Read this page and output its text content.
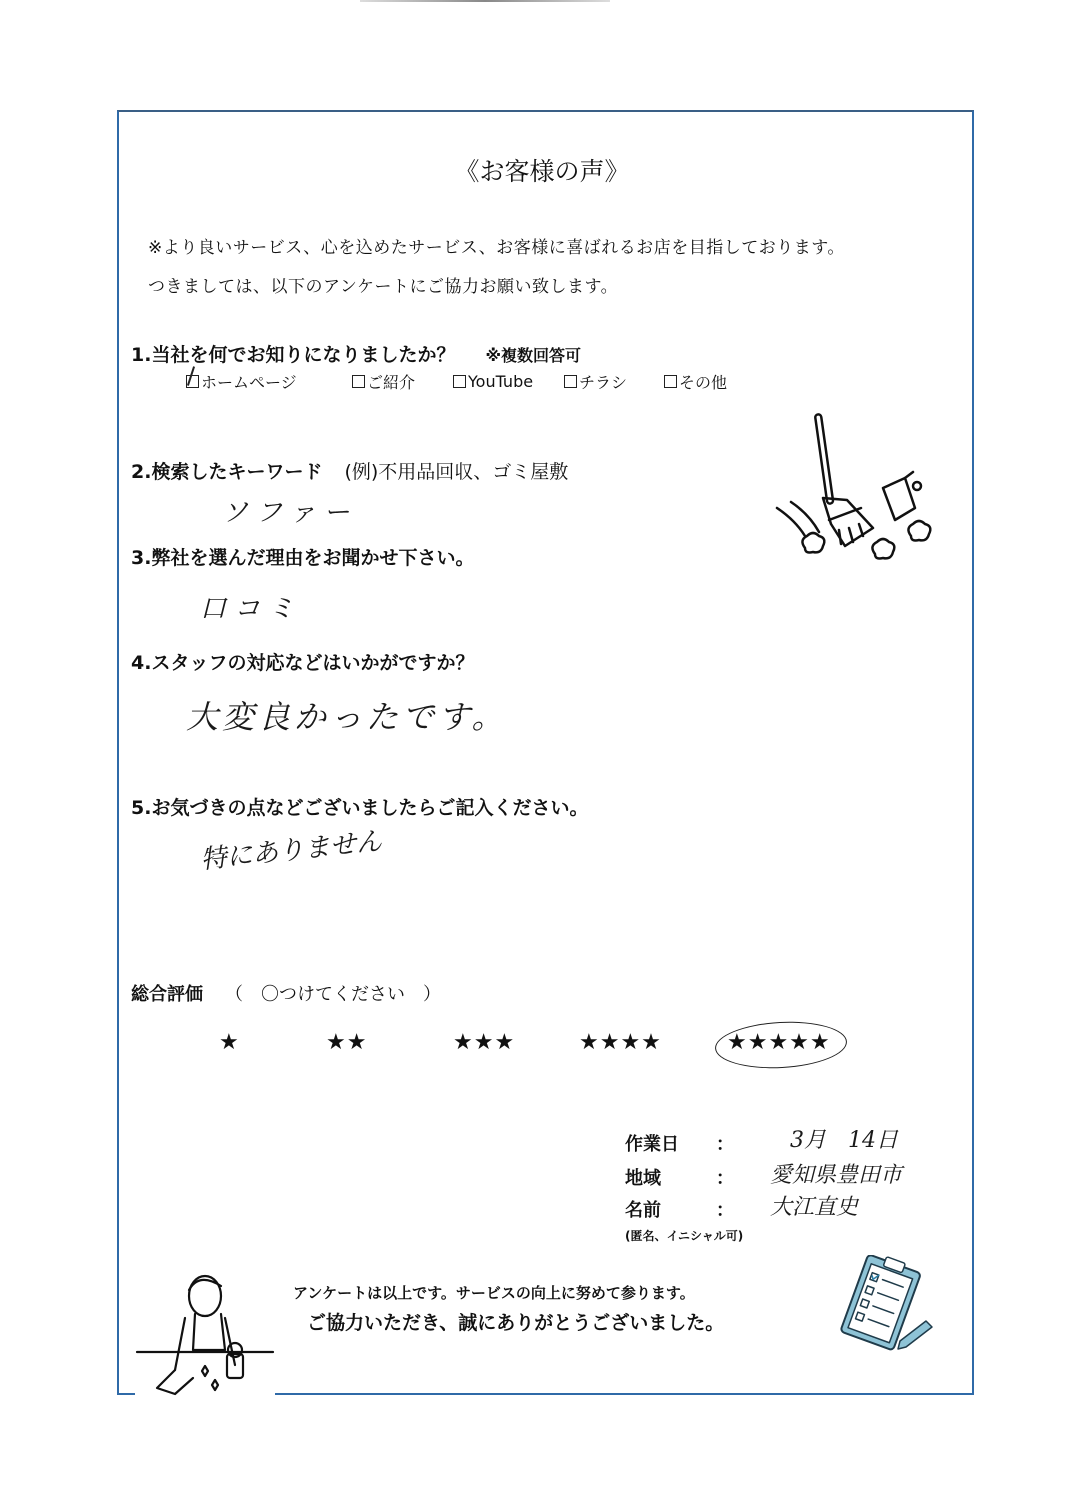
《お客様の声》
※より良いサービス、心を込めたサービス、お客様に喜ばれるお店を目指しております。
つきましては、以下のアンケートにご協力お願い致します。
1.当社を何でお知りになりましたか？ ※複数回答可
ホームページ	ご紹介	YouTube	チラシ	その他
2.検索したキーワード (例)不用品回収、ゴミ屋敷
ソファー
3.弊社を選んだ理由をお聞かせ下さい。
口コミ
4.スタッフの対応などはいかがですか？
大変良かったです。
5.お気づきの点などございましたらご記入ください。
特にありません
総合評価 （　〇つけてください　）
★	★★	★★★	★★★★	★★★★★
作業日 ：	3月　14日
地域	： 愛知県豊田市
名前	： 大江直史
(匿名、イニシャル可)
アンケートは以上です。サービスの向上に努めて参ります。
ご協力いただき、誠にありがとうございました。
